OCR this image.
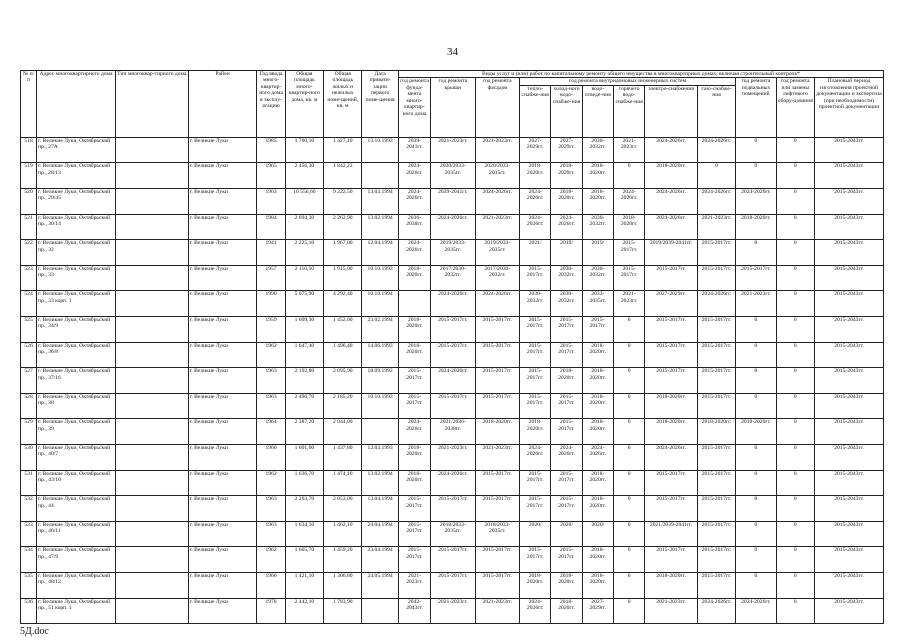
34
№ п/п	Адрес многоквартирного дома	Тип многоквар-тирного дома	Район	Год ввода много-квартир-ного дома в эксплу-атацию	Общая площадь много-квартир-ного дома, кв. м	Общая площадь жилых и нежилых поме-щений, кв. м	Дата привати-зации первого поме-щения	Виды услуг и (или) работ по капитальному ремонту общего имущества в многоквартирных домах, включая строительный контроль*											
								год ремонта фунда-мента много-квартир-ного дома	год ремонта крыши	год ремонта фасадов	год ремонта внутридомовых инженерных систем						год ремонта подвальных помещений	год ремонта или замены лифтового обору-дования	Плановый период изготовления проектной документации и экспертиза (при необходимости) проектной документации
											тепло-снабже-ния	холод-ного водо-снабже-ния	водо-отведе-ния	горячего водо-снабже-ния	электро-снабжения	газо-снабже-ния			
518	г. Великие Луки, Октябрьский пр., 27А		г. Великие Луки	1985	1 700,10	1 427,10	13.10.1993	2039-2041гг.	2021-2023гг.	2021-2023гг.	2027-2029гг.	2027-2029гг.	2030-2032гг.	2021-2023гг.	2024-2026гг.	2024-2026гг.	0	0	2015-2043гг.
519	г. Великие Луки, Октябрьский пр., 28/13		г. Великие Луки	1965	2 456,30	1 842,22		2024-2026гг.	2020/2033-2035гг.	2020/2033-2035гг.	2018-2020гг.	2018-2020гг.	2018-2020гг.	0	2018-2020гг.	0	0	0	2015-2043гг.
520	г. Великие Луки, Октябрьский пр., 29/45		г. Великие Луки	1963	10 556,60	9 222,50	13.03.1994	2024-2026гг.	2039-2041гг.	2024-2026гг.	2024-2026гг.	2018-2020гг.	2018-2020гг.	2024-2026гг.	2024-2026гг.	2024-2026гг.	2024-2026гг.	0	2015-2043гг.
521	г. Великие Луки, Октябрьский пр., 30/14		г. Великие Луки	1984	2 694,30	2 262,90	13.02.1994	2036-2038гг.	2024-2026гг.	2021-2023гг.	2024-2026гг.	2024-2026гг.	2030-2032гг.	2018-2020гг.	2024-2026гг.	2021-2023гг.	2018-2020гг.	0	2015-2043гг.
522	г. Великие Луки, Октябрьский пр., 32		г. Великие Луки	1941	2 225,10	1 967,00	12.04.1994	2024-2026гг.	2019/2033-2035гг.	2019/2033-2035гг.	2021/	2019/	2019/	2015-2017гг.	2019/2039-2041гг.	2015-2017гг.	0	0	2015-2043гг.
523	г. Великие Луки, Октябрьский пр., 33		г. Великие Луки	1957	2 110,10	1 915,00	10.10.1993	2018-2020гг.	2017/2030-2032гг.	2017/2030-2032гг.	2015-2017гг.	2030-2032гг.	2030-2032гг.	2015-2017гг.	2015-2017гг.	2015-2017гг.	2015-2017гг.	0	2015-2043гг.
524	г. Великие Луки, Октябрьский пр., 33 корп. 1		г. Великие Луки	1990	5 075,90	4 292,40	10.10.1994		2024-2026гг.	2024-2026гг.	2030-2032гг.	2030-2032гг.	2033-2035гг.	2021-2023гг.	2027-2029гг.	2024-2026гг.	2021-2023гг.	0	2015-2043гг.
525	г. Великие Луки, Октябрьский пр., 34/9		г. Великие Луки	1959	1 609,30	1 452,00	23.02.1994	2018-2020гг.	2015-2017гг.	2015-2017гг.	2015-2017гг.	2015-2017гг.	2015-2017гг.	0	2015-2017гг.	2015-2017гг.	0	0	2015-2043гг.
526	г. Великие Луки, Октябрьский пр., 36/8		г. Великие Луки	1962	1 647,40	1 496,40	14.06.1993	2018-2020гг.	2015-2017гг.	2015-2017гг.	2015-2017гг.	2015-2017гг.	2018-2020гг.	0	2015-2017гг.	2015-2017гг.	0	0	2015-2043гг.
527	г. Великие Луки, Октябрьский пр., 37/16		г. Великие Луки	1963	2 192,80	2 095,90	18.09.1992	2015-2017гг.	2024-2026гг.	2015-2017гг.	2015-2017гг.	2018-2020гг.	2018-2020гг.	0	2015-2017гг.	2015-2017гг.	0	0	2015-2043гг.
528	г. Великие Луки, Октябрьский пр., 38		г. Великие Луки	1963	2 496,70	2 185,20	10.10.1993	2015-2017гг.	2015-2017гг.	2015-2017гг.	2015-2017гг.	2015-2017гг.	2018-2020гг.	0	2018-2020гг.	2015-2017гг.	0	0	2015-2043гг.
529	г. Великие Луки, Октябрьский пр., 39		г. Великие Луки	1964	2 387,20	2 044,00		2024-2026гг.	2021/2036-2038гг.	2018-2020гг.	2018-2020гг.	2015-2017гг.	2018-2020гг.	0	2018-2020гг.	2018-2020гг.	2018-2020гг.	0	2015-2043гг.
530	г. Великие Луки, Октябрьский пр., 40/7		г. Великие Луки	1960	1 601,00	1 437,80	12.03.1993	2018-2020гг.	2021-2023гг.	2021-2023гг.	2024-2026гг.	2024-2026гг.	2024-2026гг.	0	2024-2026гг.	2015-2017гг.	0	0	2015-2043гг.
531	г. Великие Луки, Октябрьский пр., 43/10		г. Великие Луки	1962	1 636,70	1 474,10	13.02.1994	2018-2020гг.	2024-2026гг.	2015-2017гг.	2015-2017гг.	2015-2017гг.	2018-2020гг.	0	2015-2017гг.	2015-2017гг.	0	0	2015-2043гг.
532	г. Великие Луки, Октябрьский пр., 44		г. Великие Луки	1963	2 203,70	2 053,00	13.04.1994	2015-2017гг.	2015-2017гг.	2015-2017гг.	2015-2017гг.	2015-2017гг.	2018-2020гг.	0	2015-2017гг.	2015-2017гг.	0	0	2015-2043гг.
533	г. Великие Луки, Октябрьский пр., 46/11		г. Великие Луки	1963	1 634,10	1 462,10	24.04.1994	2015-2017гг.	2018/2033-2035гг.	2018/2033-2035гг.	2020/	2020/	2020/	0	2021/2039-2041гг.	2015-2017гг.	0	0	2015-2043гг.
534	г. Великие Луки, Октябрьский пр., 47/9		г. Великие Луки	1962	1 605,70	1 459,20	23.04.1994	2015-2017гг.	2015-2017гг.	2015-2017гг.	2015-2017гг.	2015-2017гг.	2018-2020гг.	0	2015-2017гг.	2015-2017гг.	0	0	2015-2043гг.
535	г. Великие Луки, Октябрьский пр., 48/12		г. Великие Луки	1966	1 421,10	1 306,80	24.05.1994	2021-2023гг.	2015-2017гг.	2015-2017гг.	2018-2020гг.	2018-2020гг.	2018-2020гг.	0	2018-2020гг.	2015-2017гг.	0	0	2015-2043гг.
536	г. Великие Луки, Октябрьский пр., 51 корп. 1		г. Великие Луки	1978	2 442,10	1 783,90		2042-2043гг.	2021-2023гг.	2021-2023гг.	2024-2026гг.	2018-2020гг.	2027-2029гг.	0	2021-2023гг.	2024-2026гг.	2024-2026гг.	0	2015-2043гг.
5Д.doc
